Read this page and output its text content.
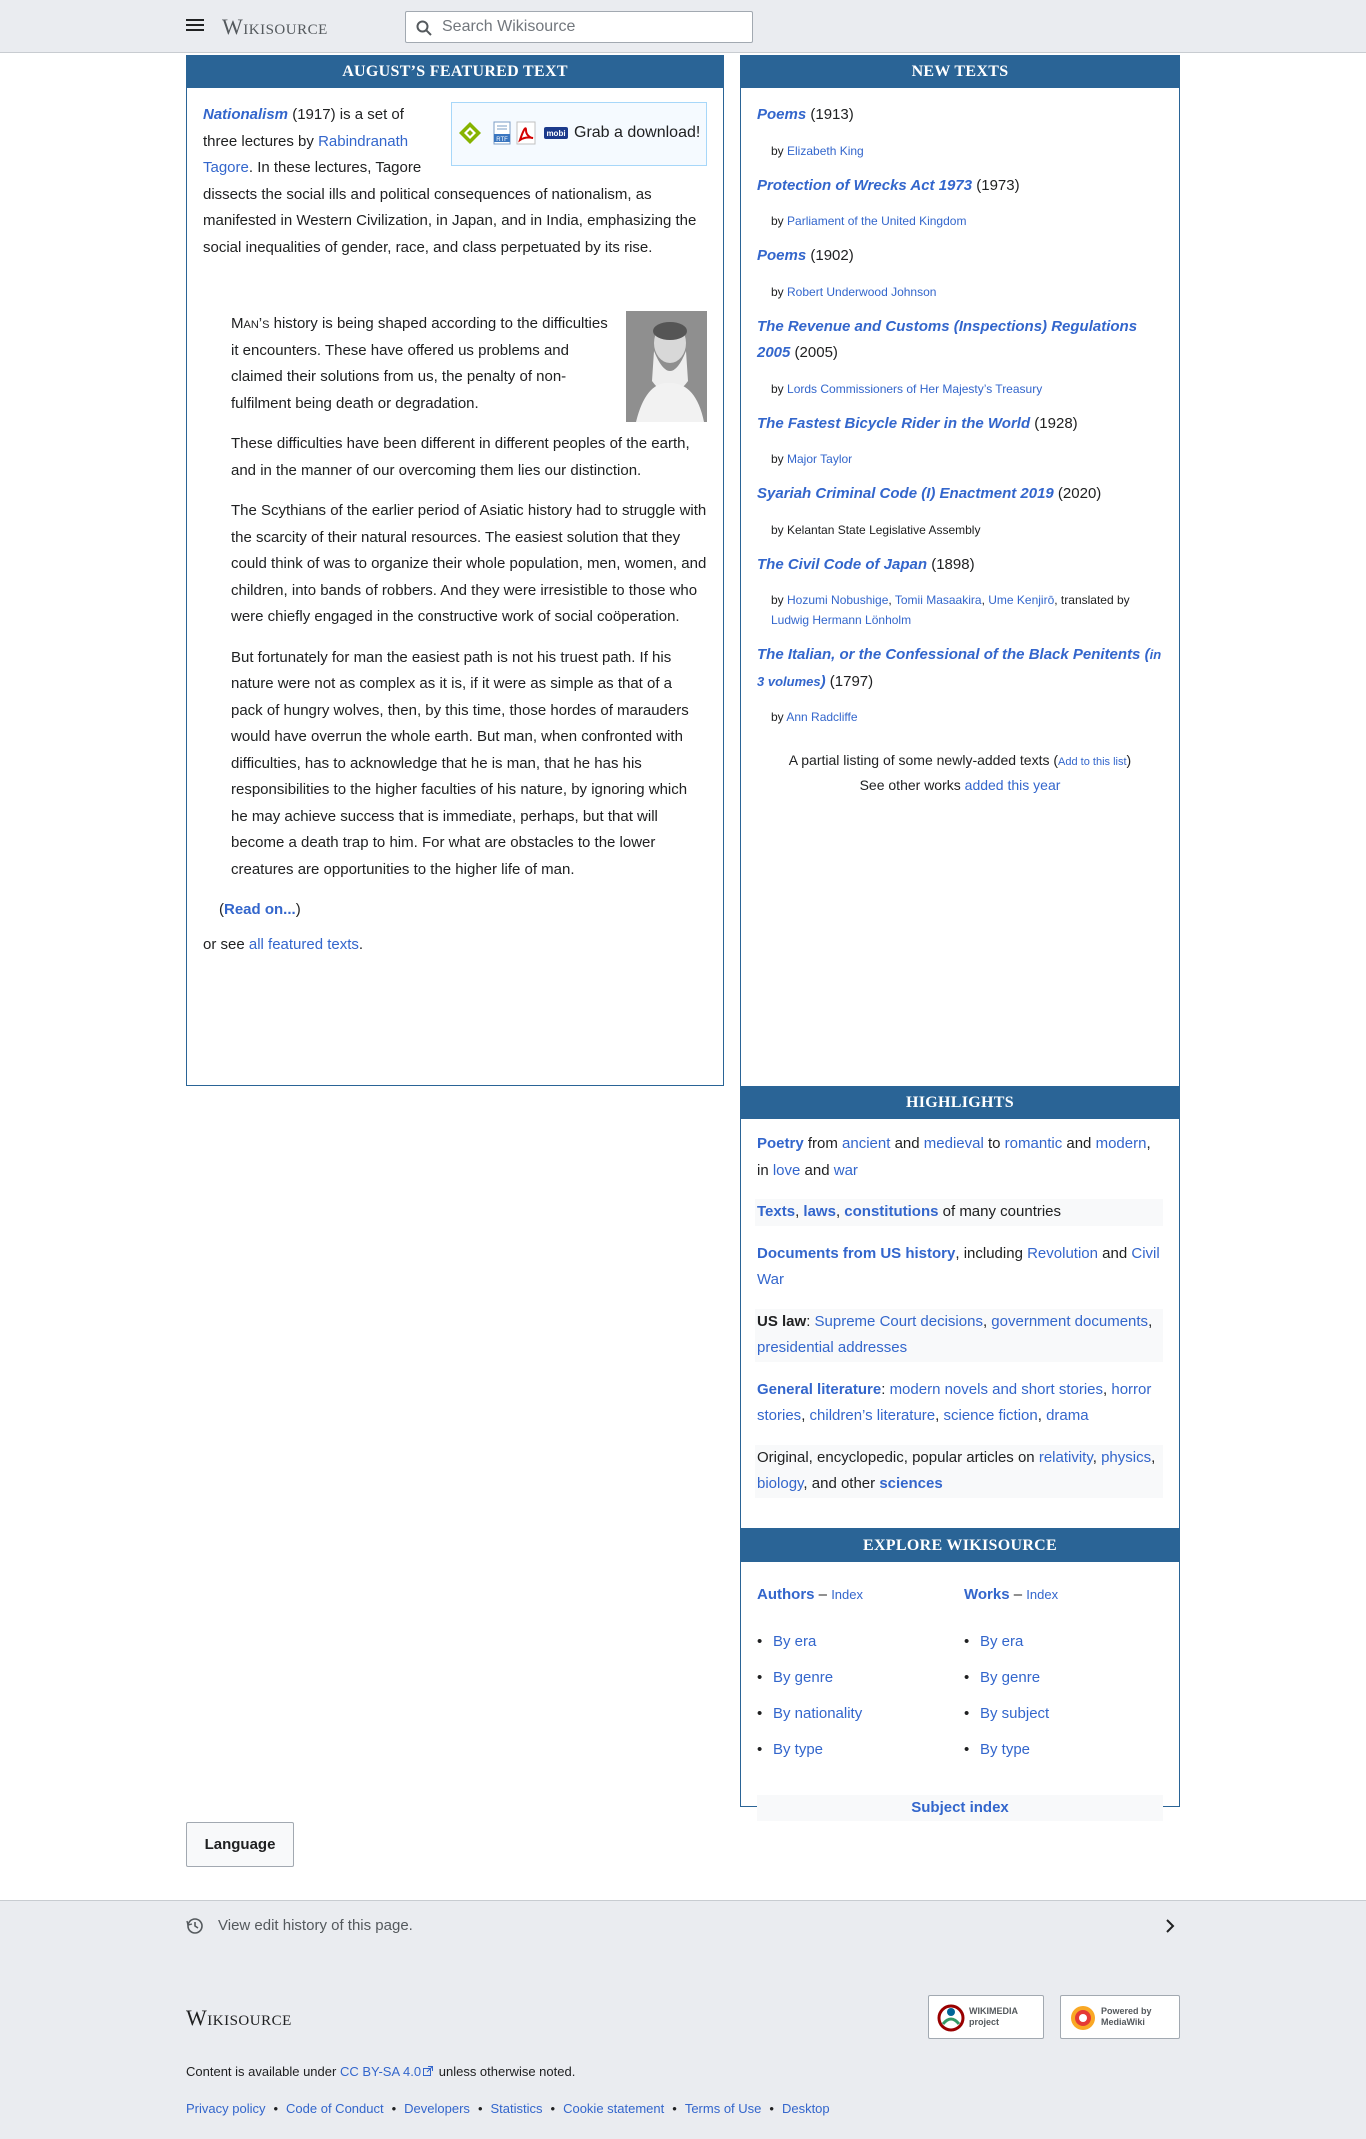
Wikisource
Search Wikisource
AUGUST’S FEATURED TEXT
RTF
mobi Grab a download!
Nationalism (1917) is a set of three lectures by Rabindranath Tagore. In these lectures, Tagore dissects the social ills and political consequences of nationalism, as manifested in Western Civilization, in Japan, and in India, emphasizing the social inequalities of gender, race, and class perpetuated by its rise.

Man’s history is being shaped according to the difficulties it encounters. These have offered us problems and claimed their solutions from us, the penalty of non-fulfilment being death or degradation.

These difficulties have been different in different peoples of the earth, and in the manner of our overcoming them lies our distinction.

The Scythians of the earlier period of Asiatic history had to struggle with the scarcity of their natural resources. The easiest solution that they could think of was to organize their whole population, men, women, and children, into bands of robbers. And they were irresistible to those who were chiefly engaged in the constructive work of social coöperation.

But fortunately for man the easiest path is not his truest path. If his nature were not as complex as it is, if it were as simple as that of a pack of hungry wolves, then, by this time, those hordes of marauders would have overrun the whole earth. But man, when confronted with difficulties, has to acknowledge that he is man, that he has his responsibilities to the higher faculties of his nature, by ignoring which he may achieve success that is immediate, perhaps, but that will become a death trap to him. For what are obstacles to the lower creatures are opportunities to the higher life of man.

(Read on...)
or see all featured texts.
NEW TEXTS
Poems (1913)
by Elizabeth King
Protection of Wrecks Act 1973 (1973)
by Parliament of the United Kingdom
Poems (1902)
by Robert Underwood Johnson
The Revenue and Customs (Inspections) Regulations 2005 (2005)
by Lords Commissioners of Her Majesty’s Treasury
The Fastest Bicycle Rider in the World (1928)
by Major Taylor
Syariah Criminal Code (I) Enactment 2019 (2020)
by Kelantan State Legislative Assembly
The Civil Code of Japan (1898)
by Hozumi Nobushige, Tomii Masaakira, Ume Kenjirō, translated by Ludwig Hermann Lönholm
The Italian, or the Confessional of the Black Penitents (in 3 volumes) (1797)
by Ann Radcliffe
A partial listing of some newly-added texts (Add to this list)
See other works added this year
HIGHLIGHTS
Poetry from ancient and medieval to romantic and modern, in love and war
Texts, laws, constitutions of many countries
Documents from US history, including Revolution and Civil War
US law: Supreme Court decisions, government documents, presidential addresses
General literature: modern novels and short stories, horror stories, children’s literature, science fiction, drama
Original, encyclopedic, popular articles on relativity, physics, biology, and other sciences
EXPLORE WIKISOURCE
Authors – Index
• By era
• By genre
• By nationality
• By type
Works – Index
• By era
• By genre
• By subject
• By type
Subject index
Language
View edit history of this page.
Wikisource	WIKIMEDIA project
Powered by MediaWiki
Content is available under CC BY-SA 4.0 unless otherwise noted.
Privacy policy • Code of Conduct • Developers • Statistics • Cookie statement • Terms of Use • Desktop
